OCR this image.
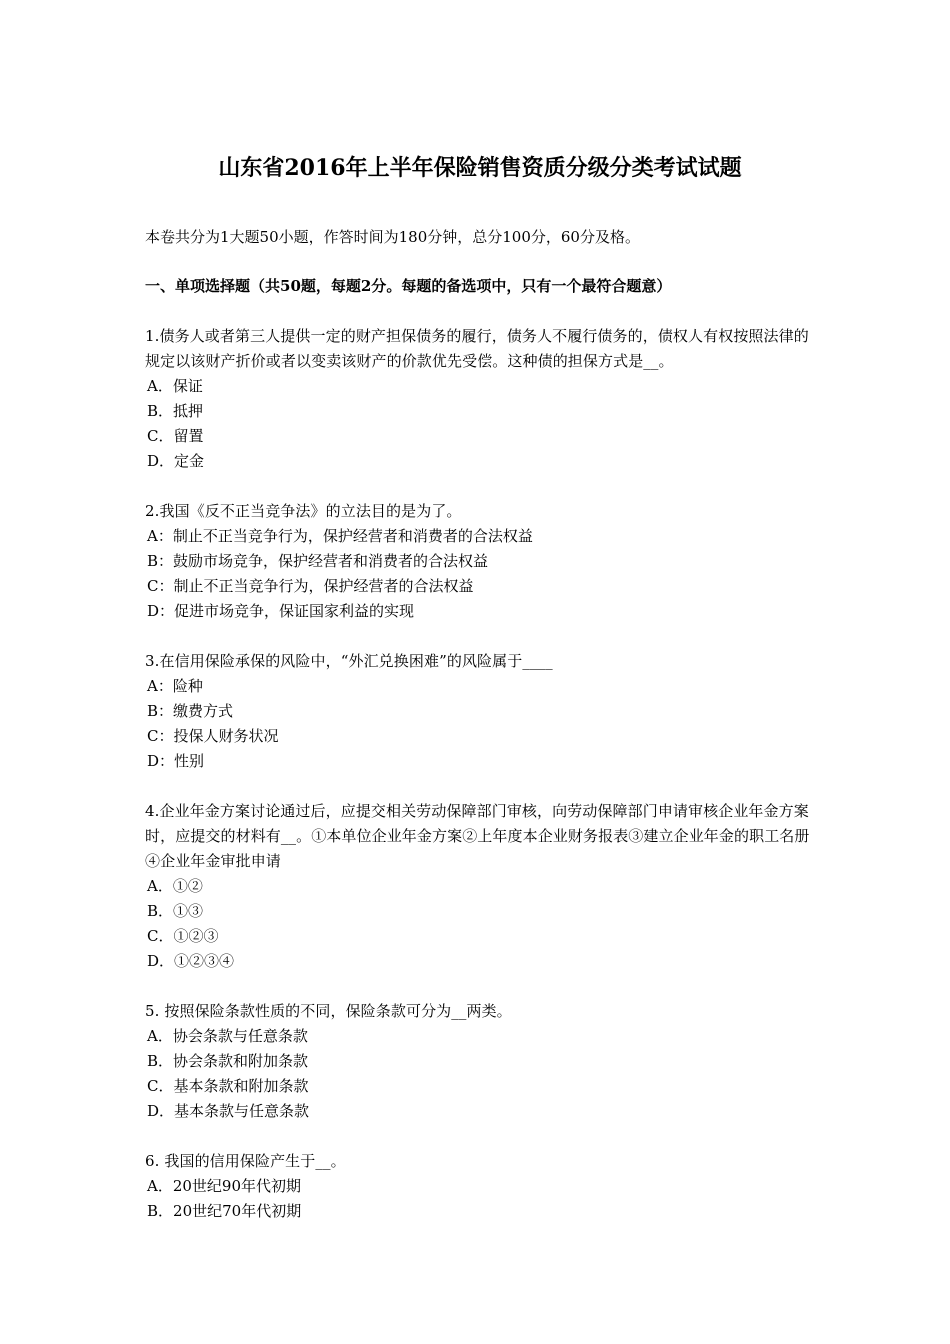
山东省2016年上半年保险销售资质分级分类考试试题

本卷共分为1大题50小题，作答时间为180分钟，总分100分，60分及格。

一、单项选择题（共50题，每题2分。每题的备选项中，只有一个最符合题意）

1.债务人或者第三人提供一定的财产担保债务的履行，债务人不履行债务的，债权人有权按照法律的规定以该财产折价或者以变卖该财产的价款优先受偿。这种债的担保方式是__。

A．保证
B．抵押
C．留置
D．定金

2.我国《反不正当竞争法》的立法目的是为了。

A：制止不正当竞争行为，保护经营者和消费者的合法权益
B：鼓励市场竞争，保护经营者和消费者的合法权益
C：制止不正当竞争行为，保护经营者的合法权益
D：促进市场竞争，保证国家利益的实现

3.在信用保险承保的风险中，“外汇兑换困难”的风险属于____

A：险种
B：缴费方式
C：投保人财务状况
D：性别

4.企业年金方案讨论通过后，应提交相关劳动保障部门审核，向劳动保障部门申请审核企业年金方案时，应提交的材料有__。①本单位企业年金方案②上年度本企业财务报表③建立企业年金的职工名册④企业年金审批申请

A．①②
B．①③
C．①②③
D．①②③④

5. 按照保险条款性质的不同，保险条款可分为__两类。

A．协会条款与任意条款
B．协会条款和附加条款
C．基本条款和附加条款
D．基本条款与任意条款

6. 我国的信用保险产生于__。

A．20世纪90年代初期
B．20世纪70年代初期
